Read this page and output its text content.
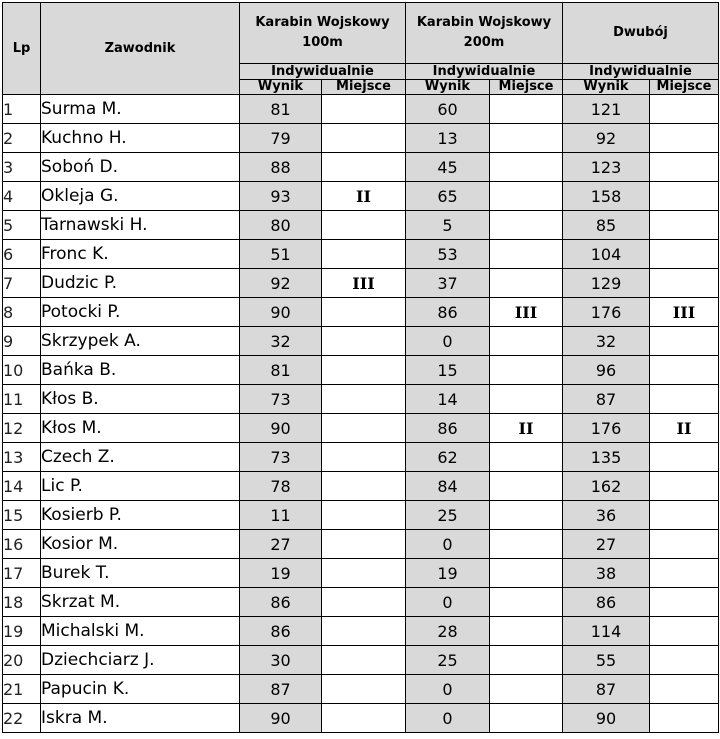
Lp	Zawodnik	Karabin Wojskowy 100m		Karabin Wojskowy 200m		Dwubój	
		Indywidualnie		Indywidualnie		Indywidualnie	
		Wynik	Miejsce	Wynik	Miejsce	Wynik	Miejsce
1	Surma M.	81		60		121	
2	Kuchno H.	79		13		92	
3	Soboń D.	88		45		123	
4	Okleja G.	93	II	65		158	
5	Tarnawski H.	80		5		85	
6	Fronc K.	51		53		104	
7	Dudzic P.	92	III	37		129	
8	Potocki P.	90		86	III	176	III
9	Skrzypek A.	32		0		32	
10	Bańka B.	81		15		96	
11	Kłos B.	73		14		87	
12	Kłos M.	90		86	II	176	II
13	Czech Z.	73		62		135	
14	Lic P.	78		84		162	
15	Kosierb P.	11		25		36	
16	Kosior M.	27		0		27	
17	Burek T.	19		19		38	
18	Skrzat M.	86		0		86	
19	Michalski M.	86		28		114	
20	Dziechciarz J.	30		25		55	
21	Papucin K.	87		0		87	
22	Iskra M.	90		0		90	
